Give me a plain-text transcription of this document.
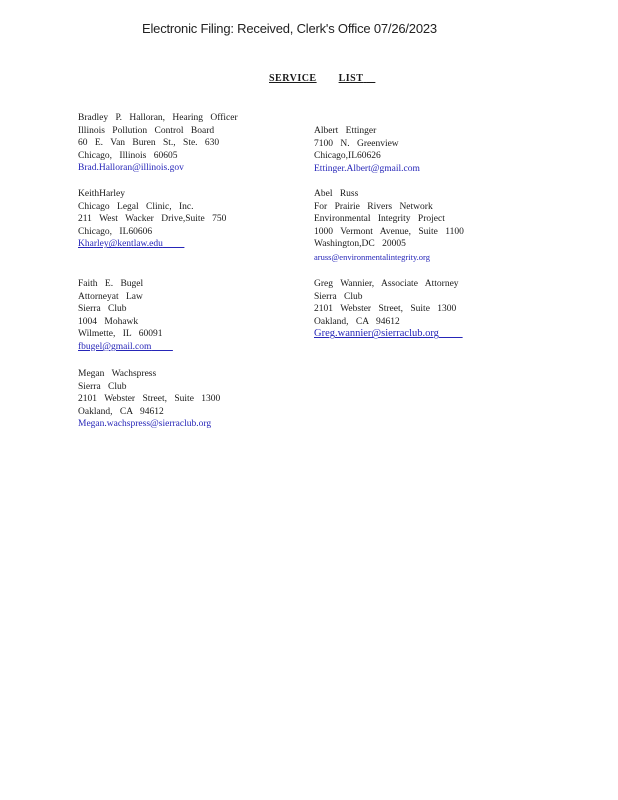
Electronic Filing: Received, Clerk's Office 07/26/2023
SERVICE LIST
Bradley P. Halloran, Hearing Officer
Illinois Pollution Control Board
60 E. Van Buren St., Ste. 630
Chicago, Illinois 60605
Brad.Halloran@illinois.gov
KeithHarley
Chicago Legal Clinic, Inc.
211 West Wacker Drive,Suite 750
Chicago, IL60606
Kharley@kentlaw.edu
Faith E. Bugel
Attorneyat Law
Sierra Club
1004 Mohawk
Wilmette, IL 60091
fbugel@gmail.com
Megan Wachspress
Sierra Club
2101 Webster Street, Suite 1300
Oakland, CA 94612
Megan.wachspress@sierraclub.org
Albert Ettinger
7100 N. Greenview
Chicago,IL60626
Ettinger.Albert@gmail.com
Abel Russ
For Prairie Rivers Network
Environmental Integrity Project
1000 Vermont Avenue, Suite 1100
Washington,DC 20005
aruss@environmentalintegrity.org
Greg Wannier, Associate Attorney
Sierra Club
2101 Webster Street, Suite 1300
Oakland, CA 94612
Greg.wannier@sierraclub.org
